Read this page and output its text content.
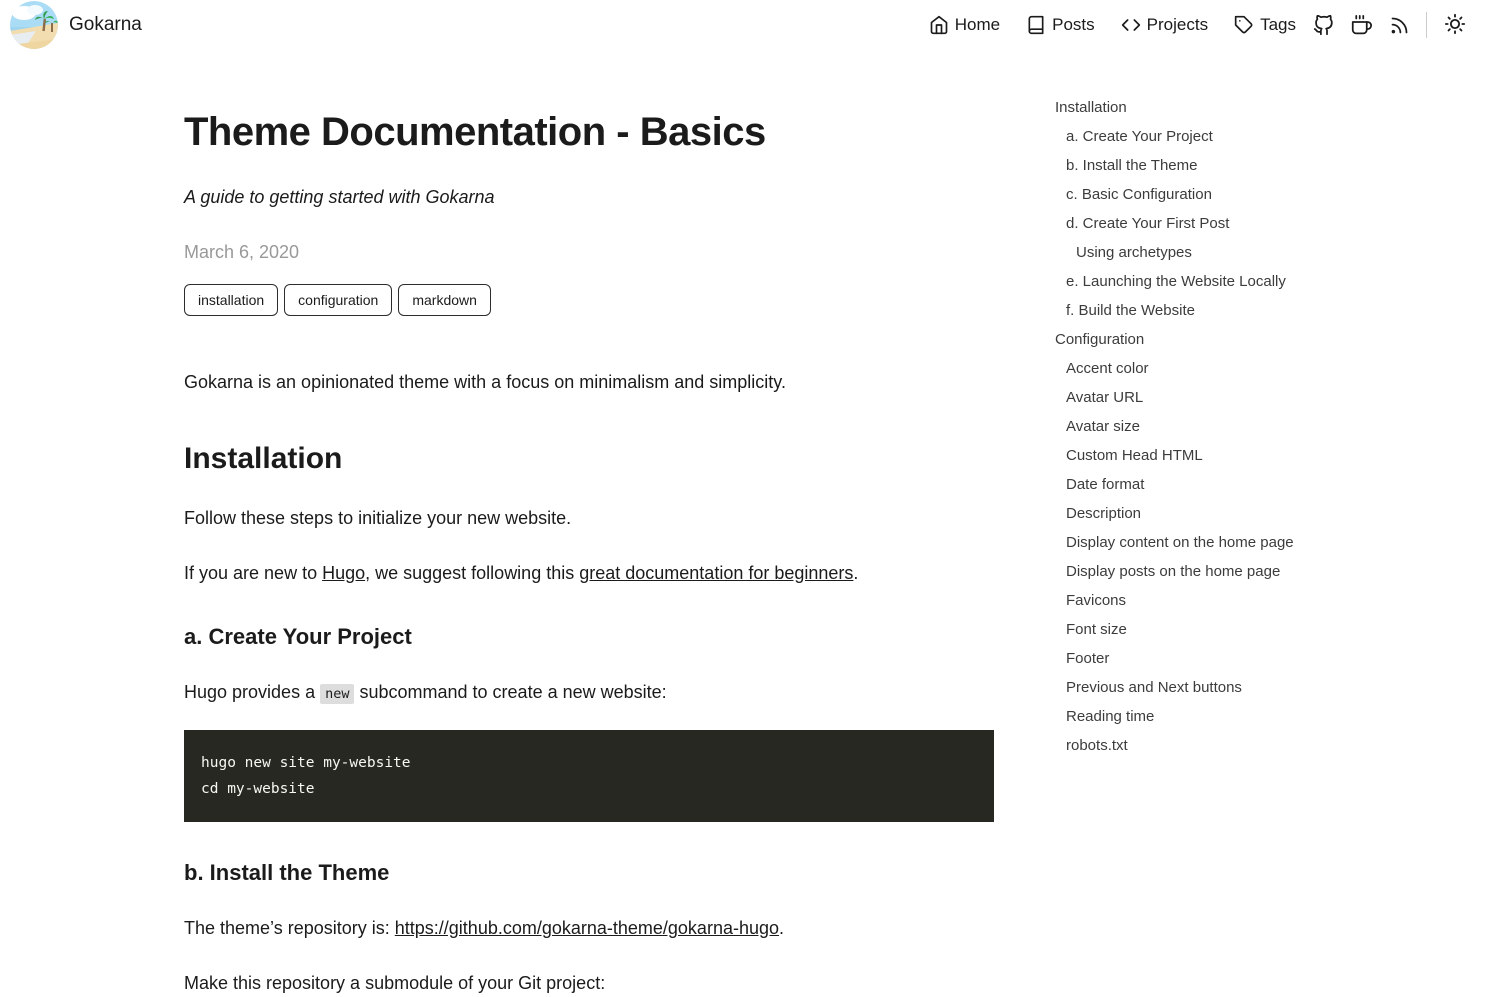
Gokarna	Home	Posts	Projects	Tags
Theme Documentation - Basics

A guide to getting started with Gokarna

March 6, 2020

installation	configuration	markdown

Gokarna is an opinionated theme with a focus on minimalism and simplicity.

Installation

Follow these steps to initialize your new website.

If you are new to Hugo, we suggest following this great documentation for beginners.

a. Create Your Project

Hugo provides a new subcommand to create a new website:

hugo new site my-website
cd my-website
b. Install the Theme

The theme’s repository is: https://github.com/gokarna-theme/gokarna-hugo.

Make this repository a submodule of your Git project:

Installation
a. Create Your Project
b. Install the Theme
c. Basic Configuration
d. Create Your First Post
Using archetypes
e. Launching the Website Locally
f. Build the Website
Configuration
Accent color
Avatar URL
Avatar size
Custom Head HTML
Date format
Description
Display content on the home page
Display posts on the home page
Favicons
Font size
Footer
Previous and Next buttons
Reading time
robots.txt
